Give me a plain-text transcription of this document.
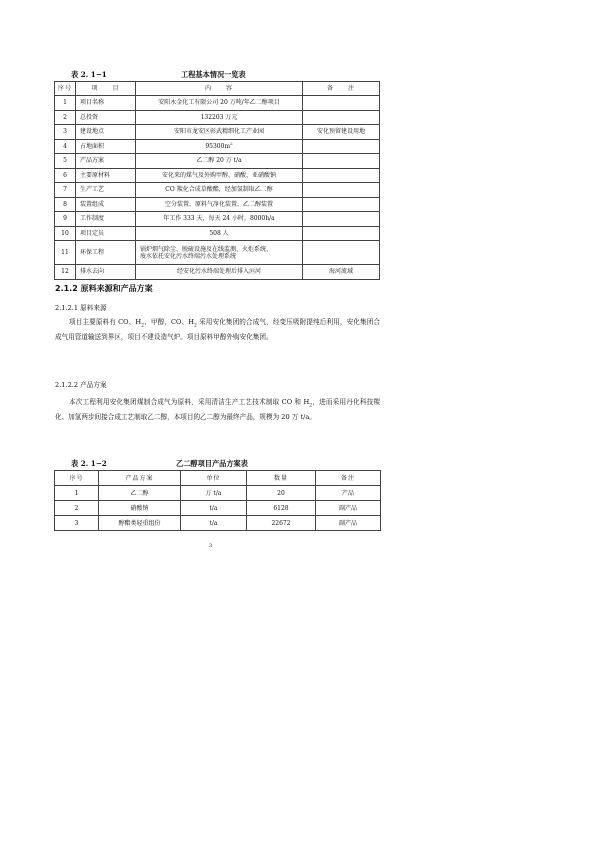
表 2. 1−1	工程基本情况一览表
序号	项　　目	内　　容	备　　注
1	项目名称	安阳永金化工有限公司 20 万吨/年乙二醇项目	
2	总投资	132203 万元	
3	建设地点	安阳市龙安区彰武精细化工产业园	安化预留建设用地
4	占地面积	$95300m^2$	
5	产品方案	乙二醇 20 万 t/a	
6	主要原材料	安化来的煤气及外购甲醇、硝酸、亚硝酸钠	
7	生产工艺	CO 羰化合成草酸酯，经加氢制取乙二醇	
8	装置组成	空分装置、原料气净化装置、乙二醇装置	
9	工作制度	年工作 333 天，每天 24 小时，8000h/a	
10	项目定员	508 人	
11	环保工程	锅炉烟气除尘、脱硫设施及在线监测、火炬系统、
废水依托安化污水终端污水处理系统	

12	排水去向	经安化污水终端处理后排入洹河	海河流域
2.1.2 原料来源和产品方案
2.1.2.1 原料来源
项目主要原料有 CO、$H_2$、甲醇，CO、$H_2$ 采用安化集团的合成气，经变压吸附提纯后利用，安化集团合成气用管道输送到界区，项目不建设造气炉。项目原料甲醇外购安化集团。
2.1.2.2 产品方案
本次工程利用安化集团煤制合成气为原料，采用清洁生产工艺技术制取 CO 和 $H_2$，进而采用丹化科技羰化、加氢两步间接合成工艺制取乙二醇，本项目的乙二醇为最终产品，规模为 20 万 t/a。
表 2. 1−2	乙二醇项目产品方案表
序号	产品方案	单位	数量	备注
1	乙二醇	万 t/a	20	产品
2	硝酸钠	t/a	6128	副产品
3	醇酯类轻重组份	t/a	22672	副产品
3
